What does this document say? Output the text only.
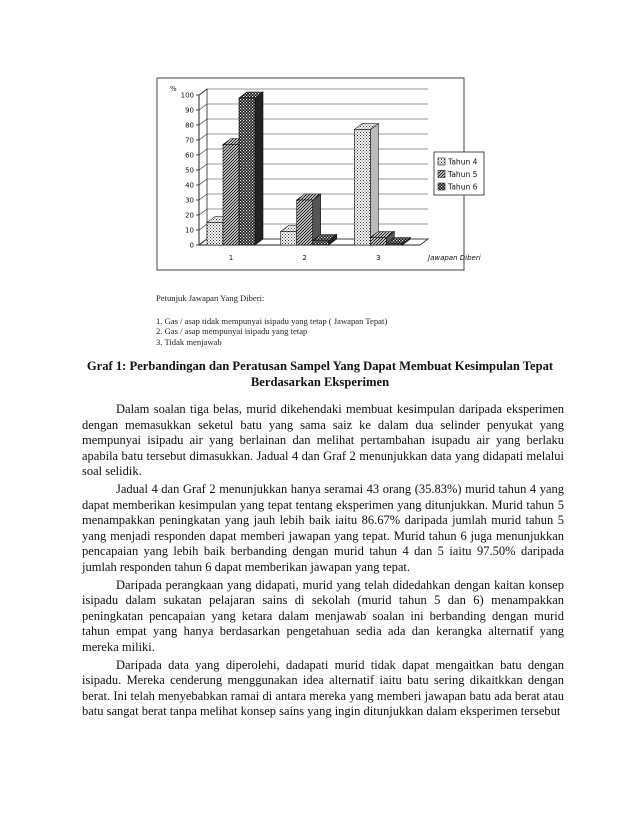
0
10
20
30
40
50
60
70
80
90
100
%
1	2	3	Jawapan Diberi
Tahun 4
Tahun 5
Tahun 6
Petunjuk Jawapan Yang Diberi:
1. Gas / asap tidak mempunyai isipadu yang tetap ( Jawapan Tepat)
2. Gas / asap mempunyai isipadu yang tetap
3. Tidak menjawab
Graf 1: Perbandingan dan Peratusan Sampel Yang Dapat Membuat Kesimpulan Tepat
Berdasarkan Eksperimen

Dalam soalan tiga belas, murid dikehendaki membuat kesimpulan daripada eksperimen dengan memasukkan seketul batu yang sama saiz ke dalam dua selinder penyukat yang mempunyai isipadu air yang berlainan dan melihat pertambahan isupadu air yang berlaku apabila batu tersebut dimasukkan. Jadual 4 dan Graf 2 menunjukkan data yang didapati melalui soal selidik.

Jadual 4 dan Graf 2 menunjukkan hanya seramai 43 orang (35.83%) murid tahun 4 yang dapat memberikan kesimpulan yang tepat tentang eksperimen yang ditunjukkan. Murid tahun 5 menampakkan peningkatan yang jauh lebih baik iaitu 86.67% daripada jumlah murid tahun 5 yang menjadi responden dapat memberi jawapan yang tepat. Murid tahun 6 juga menunjukkan pencapaian yang lebih baik berbanding dengan murid tahun 4 dan 5 iaitu 97.50% daripada jumlah responden tahun 6 dapat memberikan jawapan yang tepat.

Daripada perangkaan yang didapati, murid yang telah didedahkan dengan kaitan konsep isipadu dalam sukatan pelajaran sains di sekolah (murid tahun 5 dan 6) menampakkan peningkatan pencapaian yang ketara dalam menjawab soalan ini berbanding dengan murid tahun empat yang hanya berdasarkan pengetahuan sedia ada dan kerangka alternatif yang mereka miliki.

Daripada data yang diperolehi, dadapati murid tidak dapat mengaitkan batu dengan isipadu. Mereka cenderung menggunakan idea alternatif iaitu batu sering dikaitkkan dengan berat. Ini telah menyebabkan ramai di antara mereka yang memberi jawapan batu ada berat atau batu sangat berat tanpa melihat konsep sains yang ingin ditunjukkan dalam eksperimen tersebut
